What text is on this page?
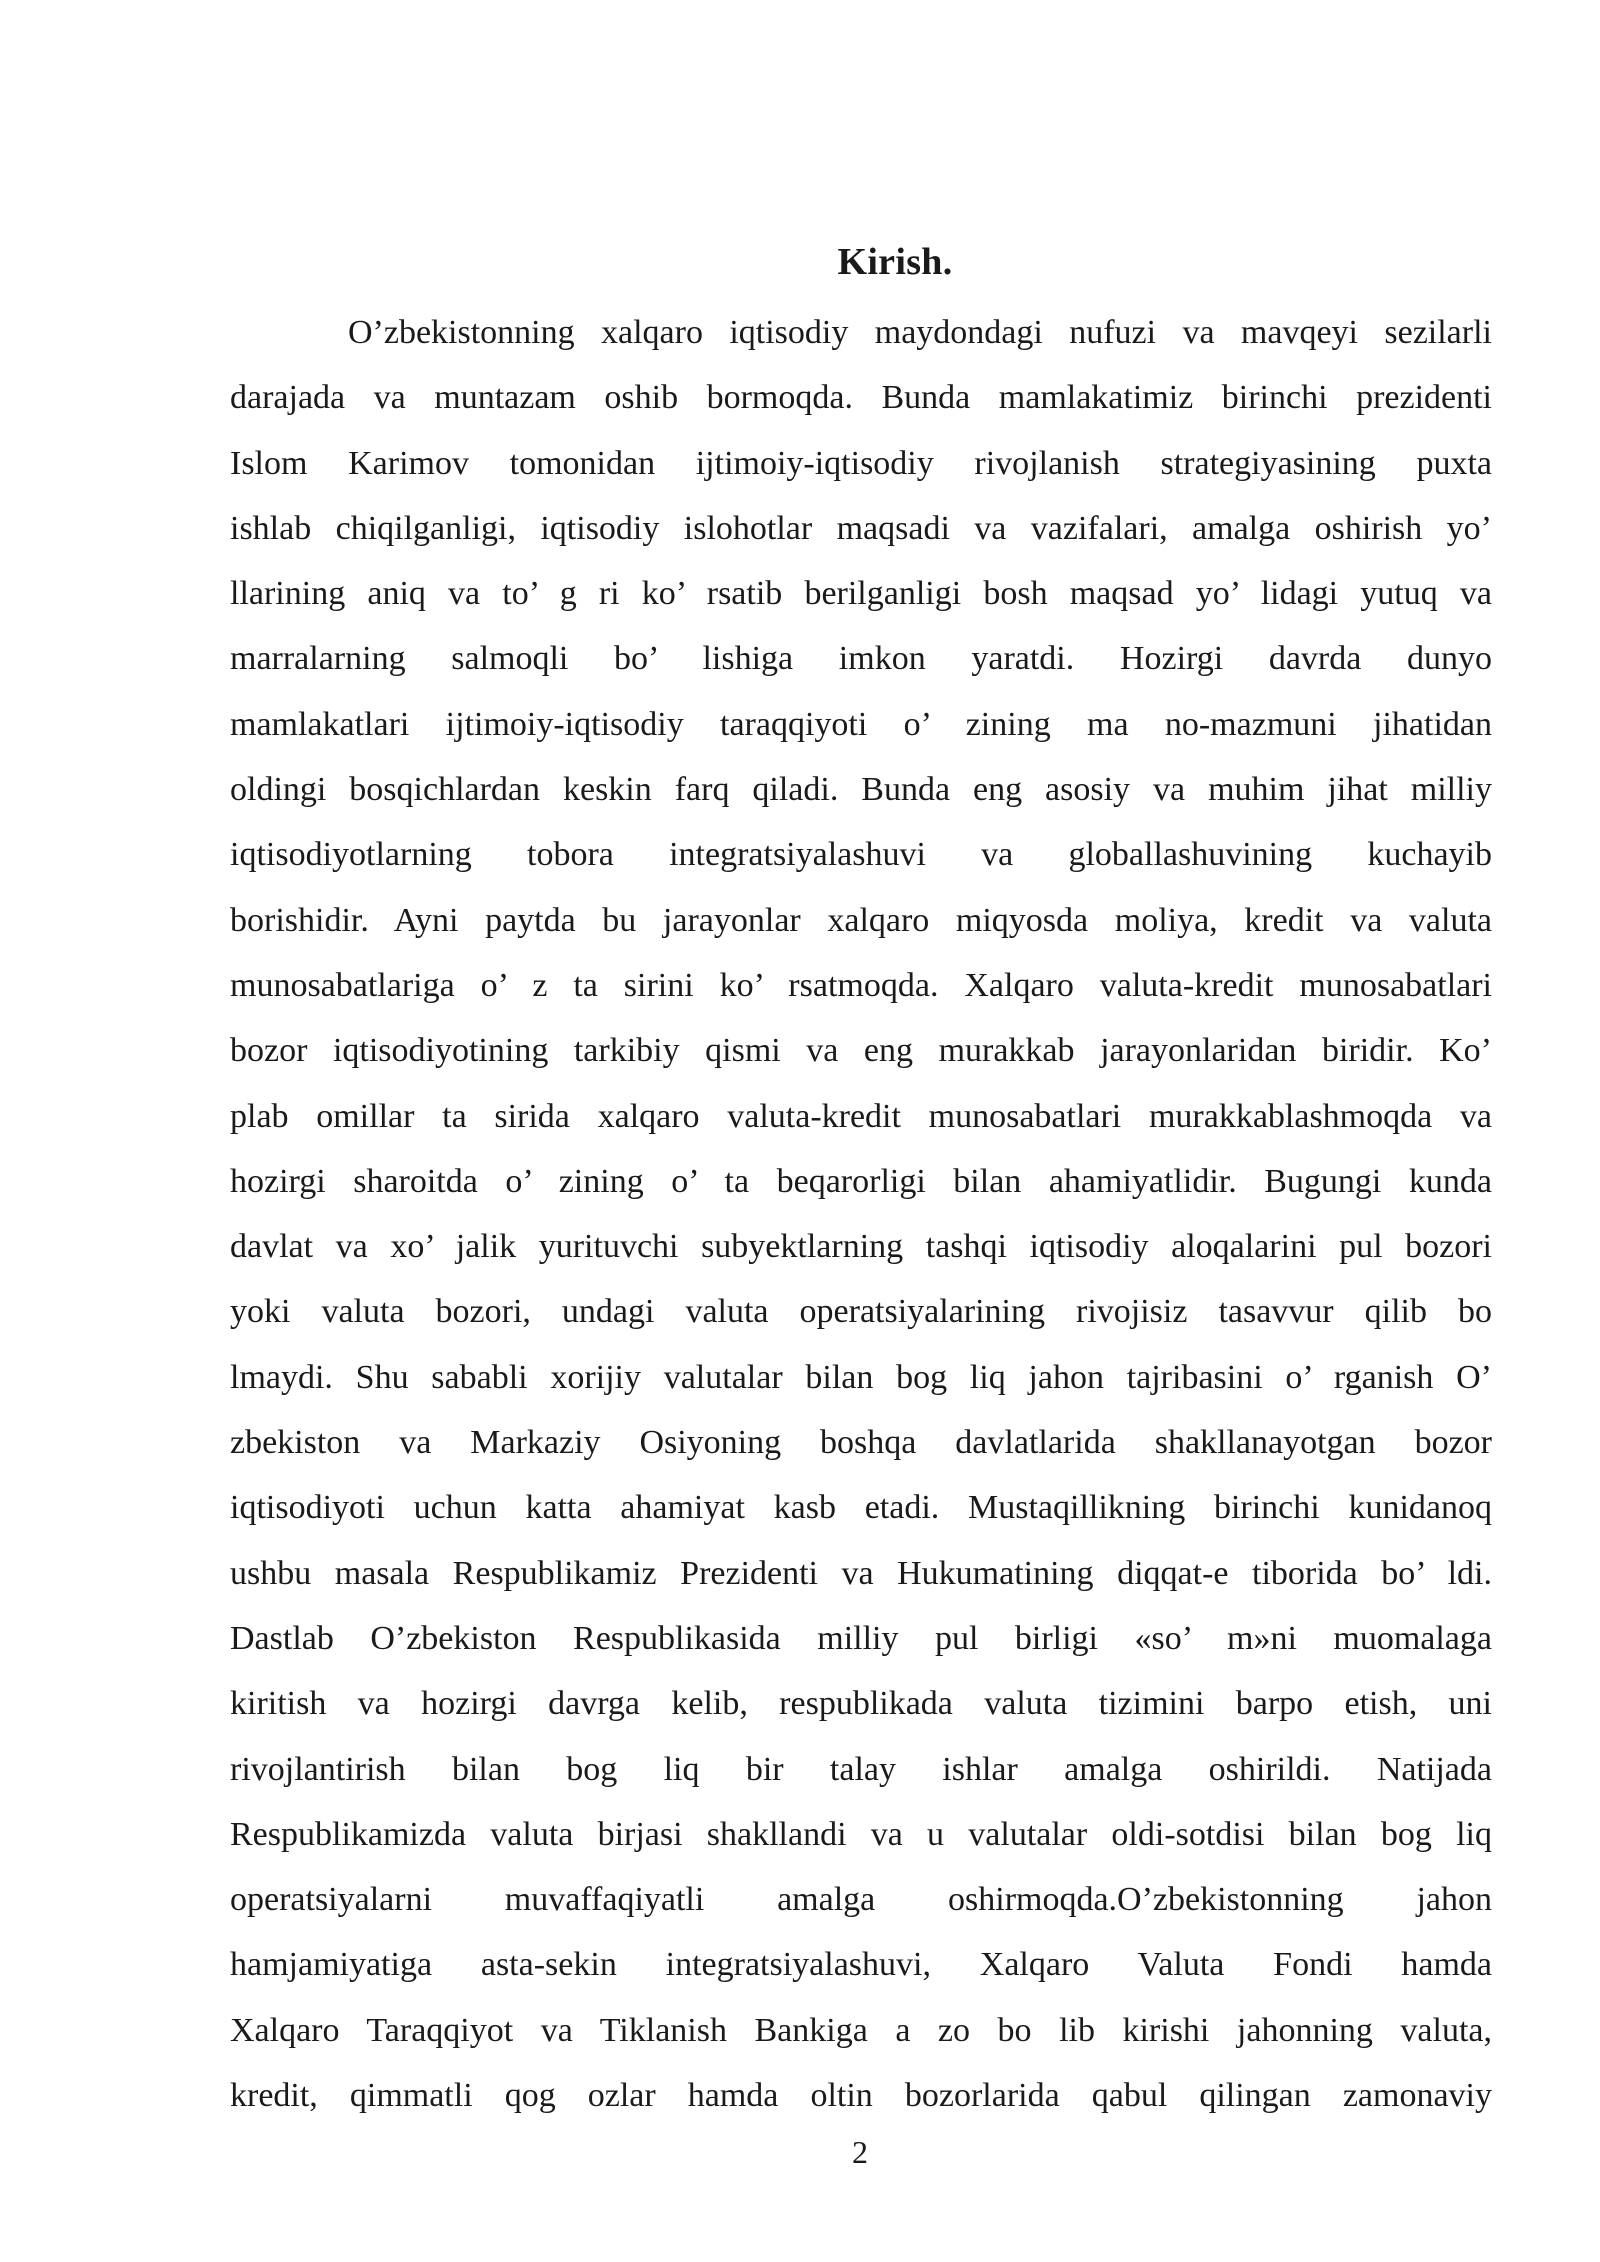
Kirish.
O’zbekistonning xalqaro iqtisodiy maydondagi nufuzi va mavqeyi sezilarli
darajada va muntazam oshib bormoqda. Bunda mamlakatimiz birinchi prezidenti
Islom Karimov tomonidan ijtimoiy-iqtisodiy rivojlanish strategiyasining puxta
ishlab chiqilganligi, iqtisodiy islohotlar maqsadi va vazifalari, amalga oshirish yo’
llarining aniq va to’ g ri ko’ rsatib berilganligi bosh maqsad yo’ lidagi yutuq va
marralarning salmoqli bo’ lishiga imkon yaratdi. Hozirgi davrda dunyo
mamlakatlari ijtimoiy-iqtisodiy taraqqiyoti o’ zining ma no-mazmuni jihatidan
oldingi bosqichlardan keskin farq qiladi. Bunda eng asosiy va muhim jihat milliy
iqtisodiyotlarning tobora integratsiyalashuvi va globallashuvining kuchayib
borishidir. Ayni paytda bu jarayonlar xalqaro miqyosda moliya, kredit va valuta
munosabatlariga o’ z ta sirini ko’ rsatmoqda. Xalqaro valuta-kredit munosabatlari
bozor iqtisodiyotining tarkibiy qismi va eng murakkab jarayonlaridan biridir. Ko’
plab omillar ta sirida xalqaro valuta-kredit munosabatlari murakkablashmoqda va
hozirgi sharoitda o’ zining o’ ta beqarorligi bilan ahamiyatlidir. Bugungi kunda
davlat va xo’ jalik yurituvchi subyektlarning tashqi iqtisodiy aloqalarini pul bozori
yoki valuta bozori, undagi valuta operatsiyalarining rivojisiz tasavvur qilib bo
lmaydi. Shu sababli xorijiy valutalar bilan bog liq jahon tajribasini o’ rganish O’
zbekiston va Markaziy Osiyoning boshqa davlatlarida shakllanayotgan bozor
iqtisodiyoti uchun katta ahamiyat kasb etadi. Mustaqillikning birinchi kunidanoq
ushbu masala Respublikamiz Prezidenti va Hukumatining diqqat-e tiborida bo’ ldi.
Dastlab O’zbekiston Respublikasida milliy pul birligi «so’ m»ni muomalaga
kiritish va hozirgi davrga kelib, respublikada valuta tizimini barpo etish, uni
rivojlantirish bilan bog liq bir talay ishlar amalga oshirildi. Natijada
Respublikamizda valuta birjasi shakllandi va u valutalar oldi-sotdisi bilan bog liq
operatsiyalarni muvaffaqiyatli amalga oshirmoqda.O’zbekistonning jahon
hamjamiyatiga asta-sekin integratsiyalashuvi, Xalqaro Valuta Fondi hamda
Xalqaro Taraqqiyot va Tiklanish Bankiga a zo bo lib kirishi jahonning valuta,
kredit, qimmatli qog ozlar hamda oltin bozorlarida qabul qilingan zamonaviy
2
